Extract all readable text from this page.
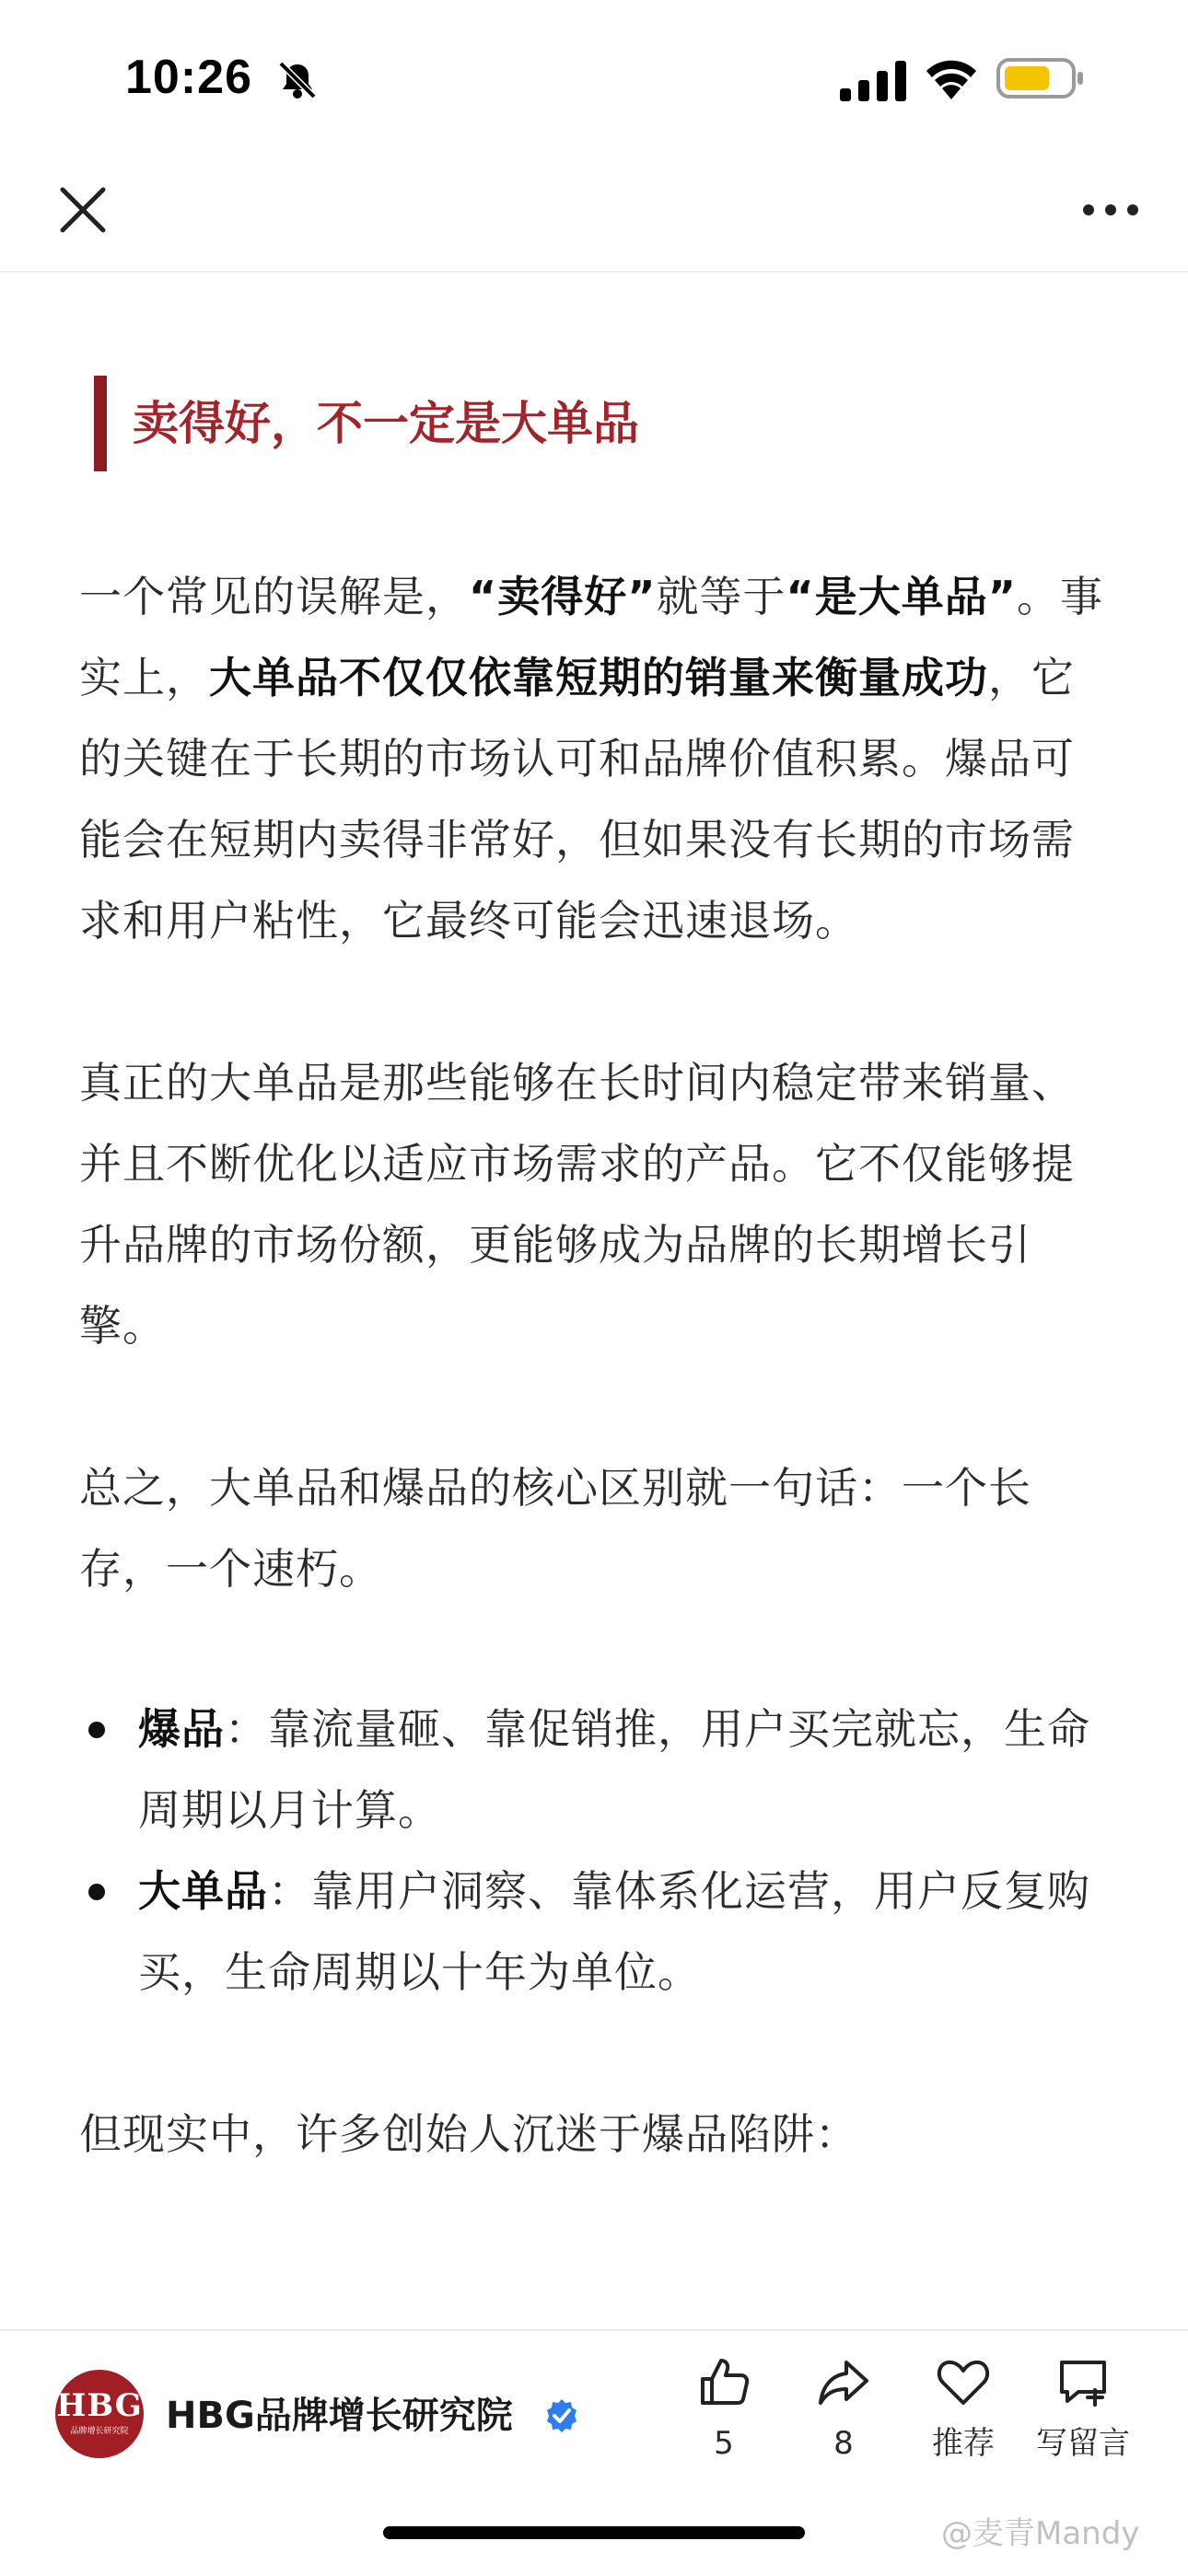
10:26
卖得好，不一定是大单品

一个常见的误解是，“卖得好”就等于“是大单品”。事实上，大单品不仅仅依靠短期的销量来衡量成功，它的关键在于长期的市场认可和品牌价值积累。爆品可能会在短期内卖得非常好，但如果没有长期的市场需求和用户粘性，它最终可能会迅速退场。

真正的大单品是那些能够在长时间内稳定带来销量、并且不断优化以适应市场需求的产品。它不仅能够提升品牌的市场份额，更能够成为品牌的长期增长引擎。

总之，大单品和爆品的核心区别就一句话：一个长存，一个速朽。

爆品：靠流量砸、靠促销推，用户买完就忘，生命周期以月计算。
大单品：靠用户洞察、靠体系化运营，用户反复购买，生命周期以十年为单位。

但现实中，许多创始人沉迷于爆品陷阱：

HBG
品牌增长研究院	HBG品牌增长研究院
5	8	推荐	写留言
@麦青Mandy
